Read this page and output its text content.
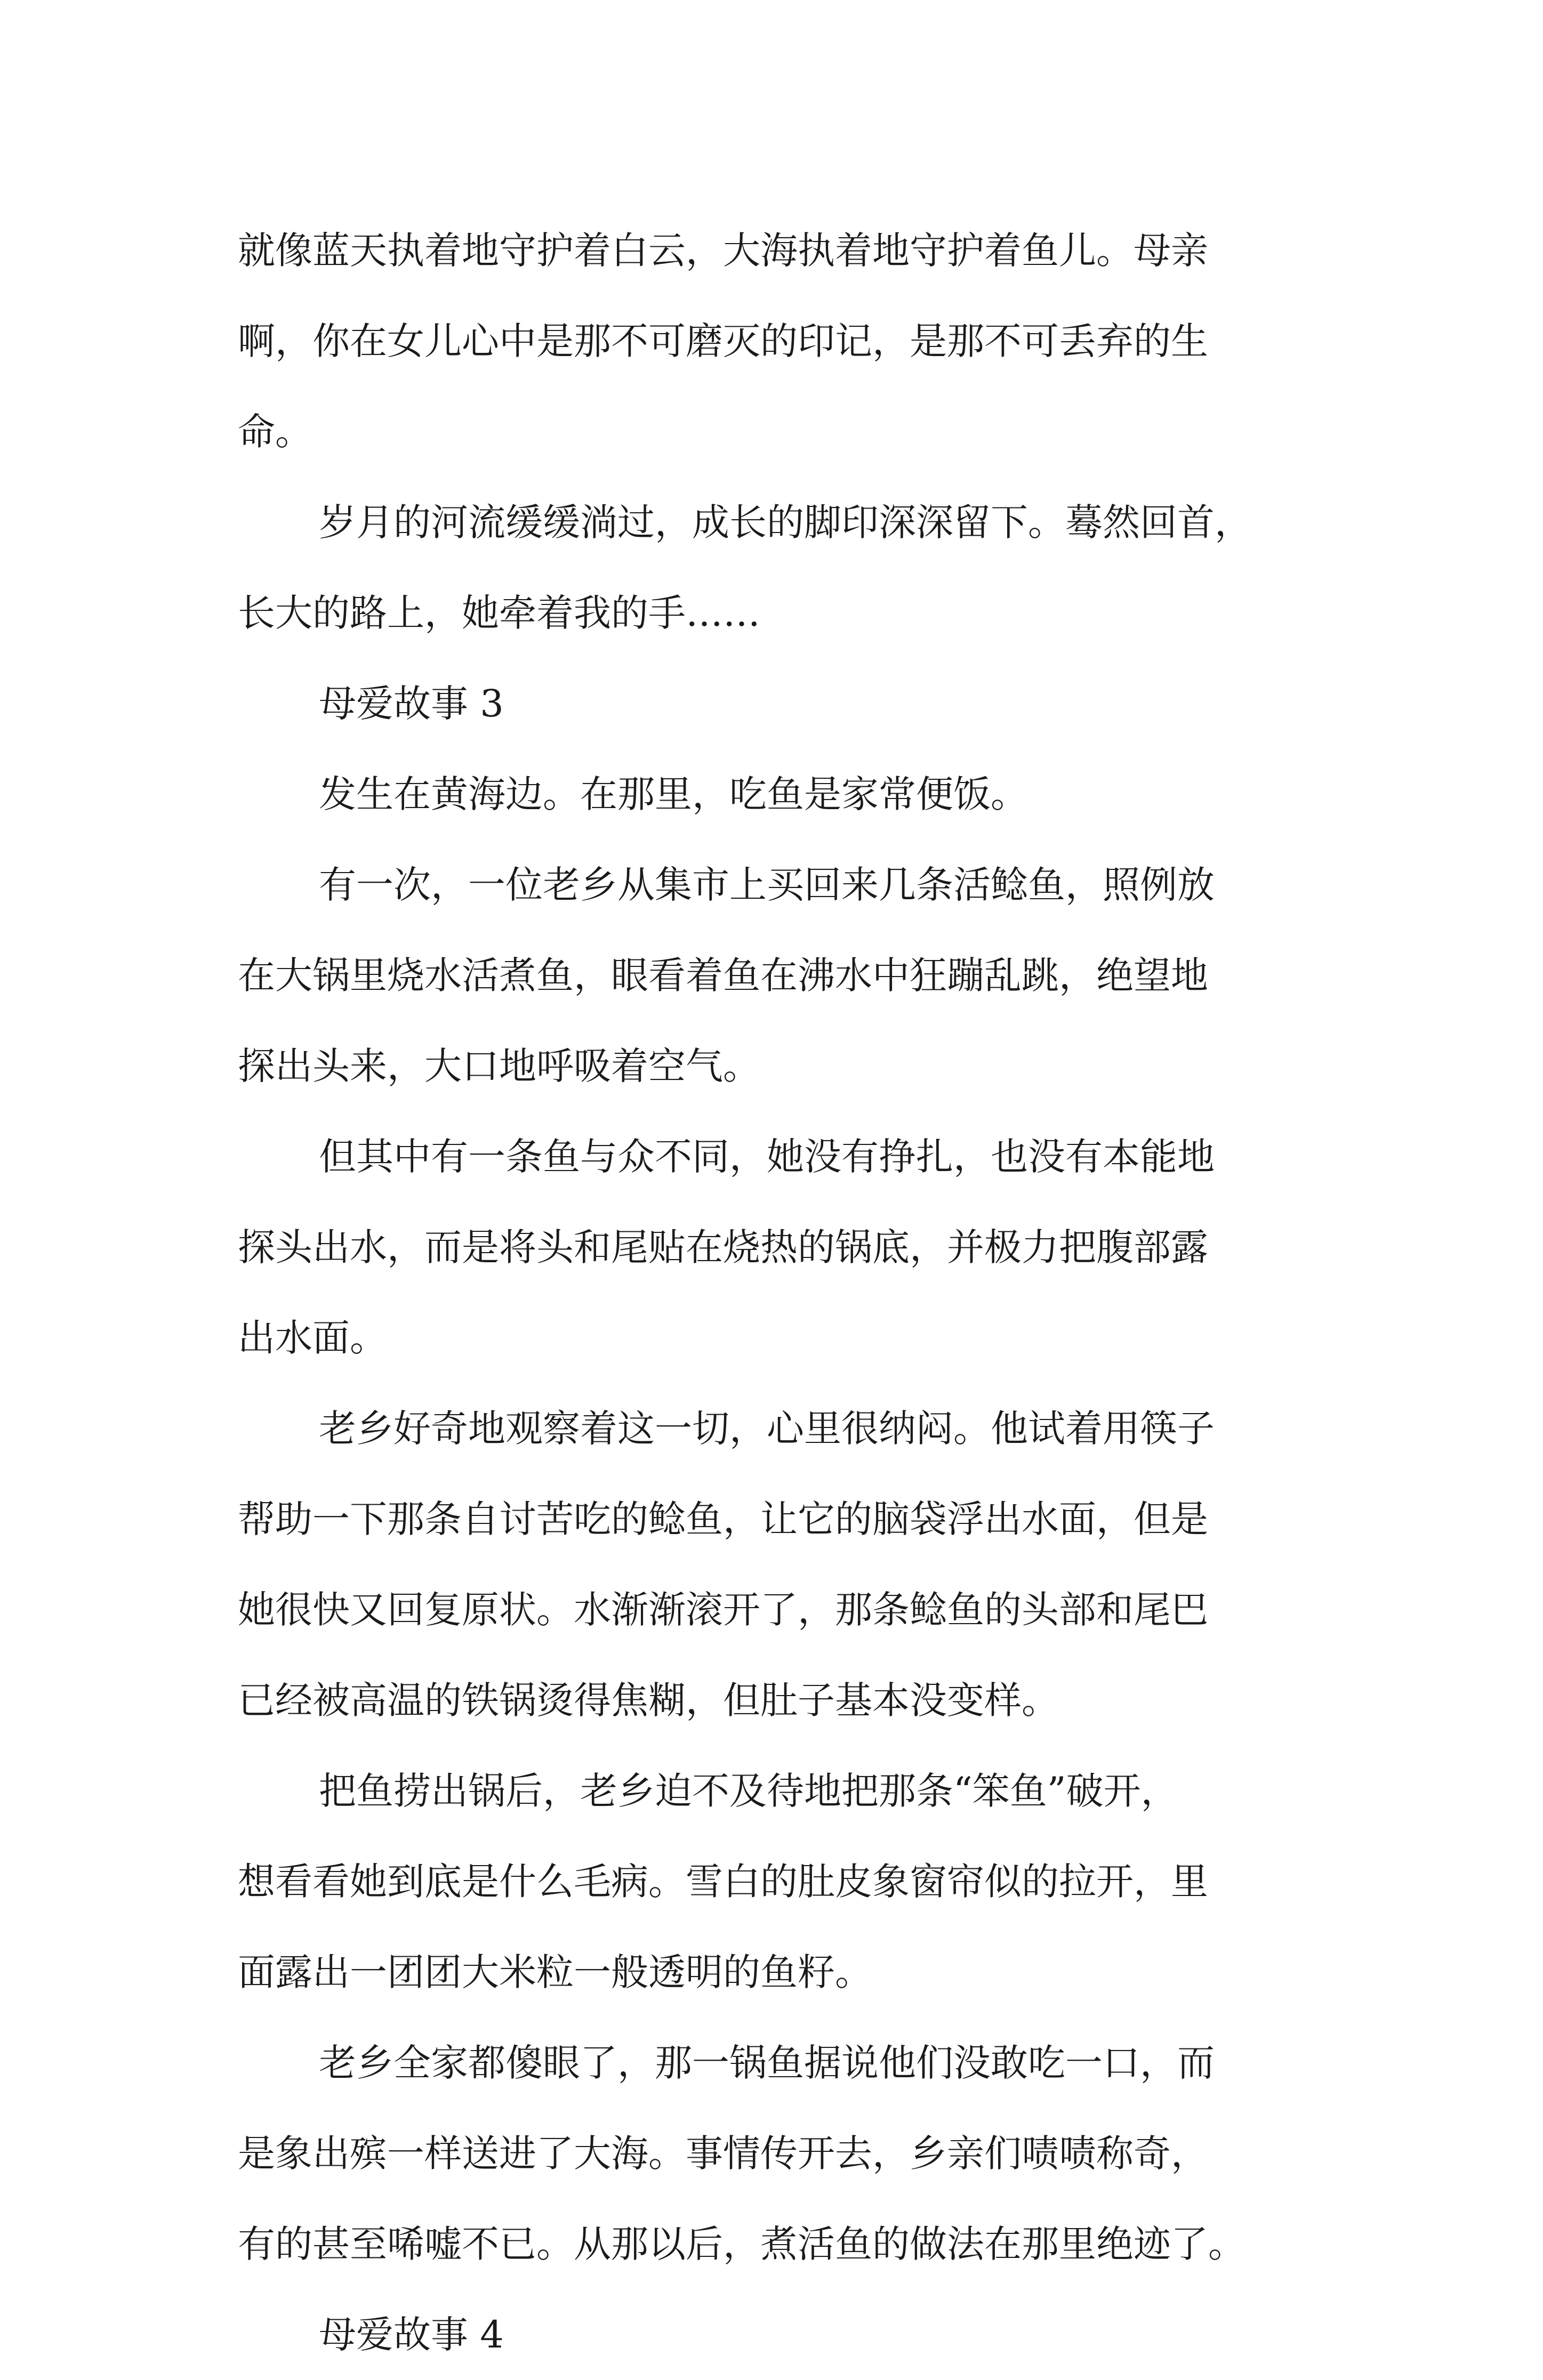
就像蓝天执着地守护着白云，大海执着地守护着鱼儿。母亲
啊，你在女儿心中是那不可磨灭的印记，是那不可丢弃的生
命。
岁月的河流缓缓淌过，成长的脚印深深留下。蓦然回首，
长大的路上，她牵着我的手……
母爱故事 3
发生在黄海边。在那里，吃鱼是家常便饭。
有一次，一位老乡从集市上买回来几条活鲶鱼，照例放
在大锅里烧水活煮鱼，眼看着鱼在沸水中狂蹦乱跳，绝望地
探出头来，大口地呼吸着空气。
但其中有一条鱼与众不同，她没有挣扎，也没有本能地
探头出水，而是将头和尾贴在烧热的锅底，并极力把腹部露
出水面。
老乡好奇地观察着这一切，心里很纳闷。他试着用筷子
帮助一下那条自讨苦吃的鲶鱼，让它的脑袋浮出水面，但是
她很快又回复原状。水渐渐滚开了，那条鲶鱼的头部和尾巴
已经被高温的铁锅烫得焦糊，但肚子基本没变样。
把鱼捞出锅后，老乡迫不及待地把那条“笨鱼”破开，
想看看她到底是什么毛病。雪白的肚皮象窗帘似的拉开，里
面露出一团团大米粒一般透明的鱼籽。
老乡全家都傻眼了，那一锅鱼据说他们没敢吃一口，而
是象出殡一样送进了大海。事情传开去，乡亲们啧啧称奇，
有的甚至唏嘘不已。从那以后，煮活鱼的做法在那里绝迹了。
母爱故事 4
